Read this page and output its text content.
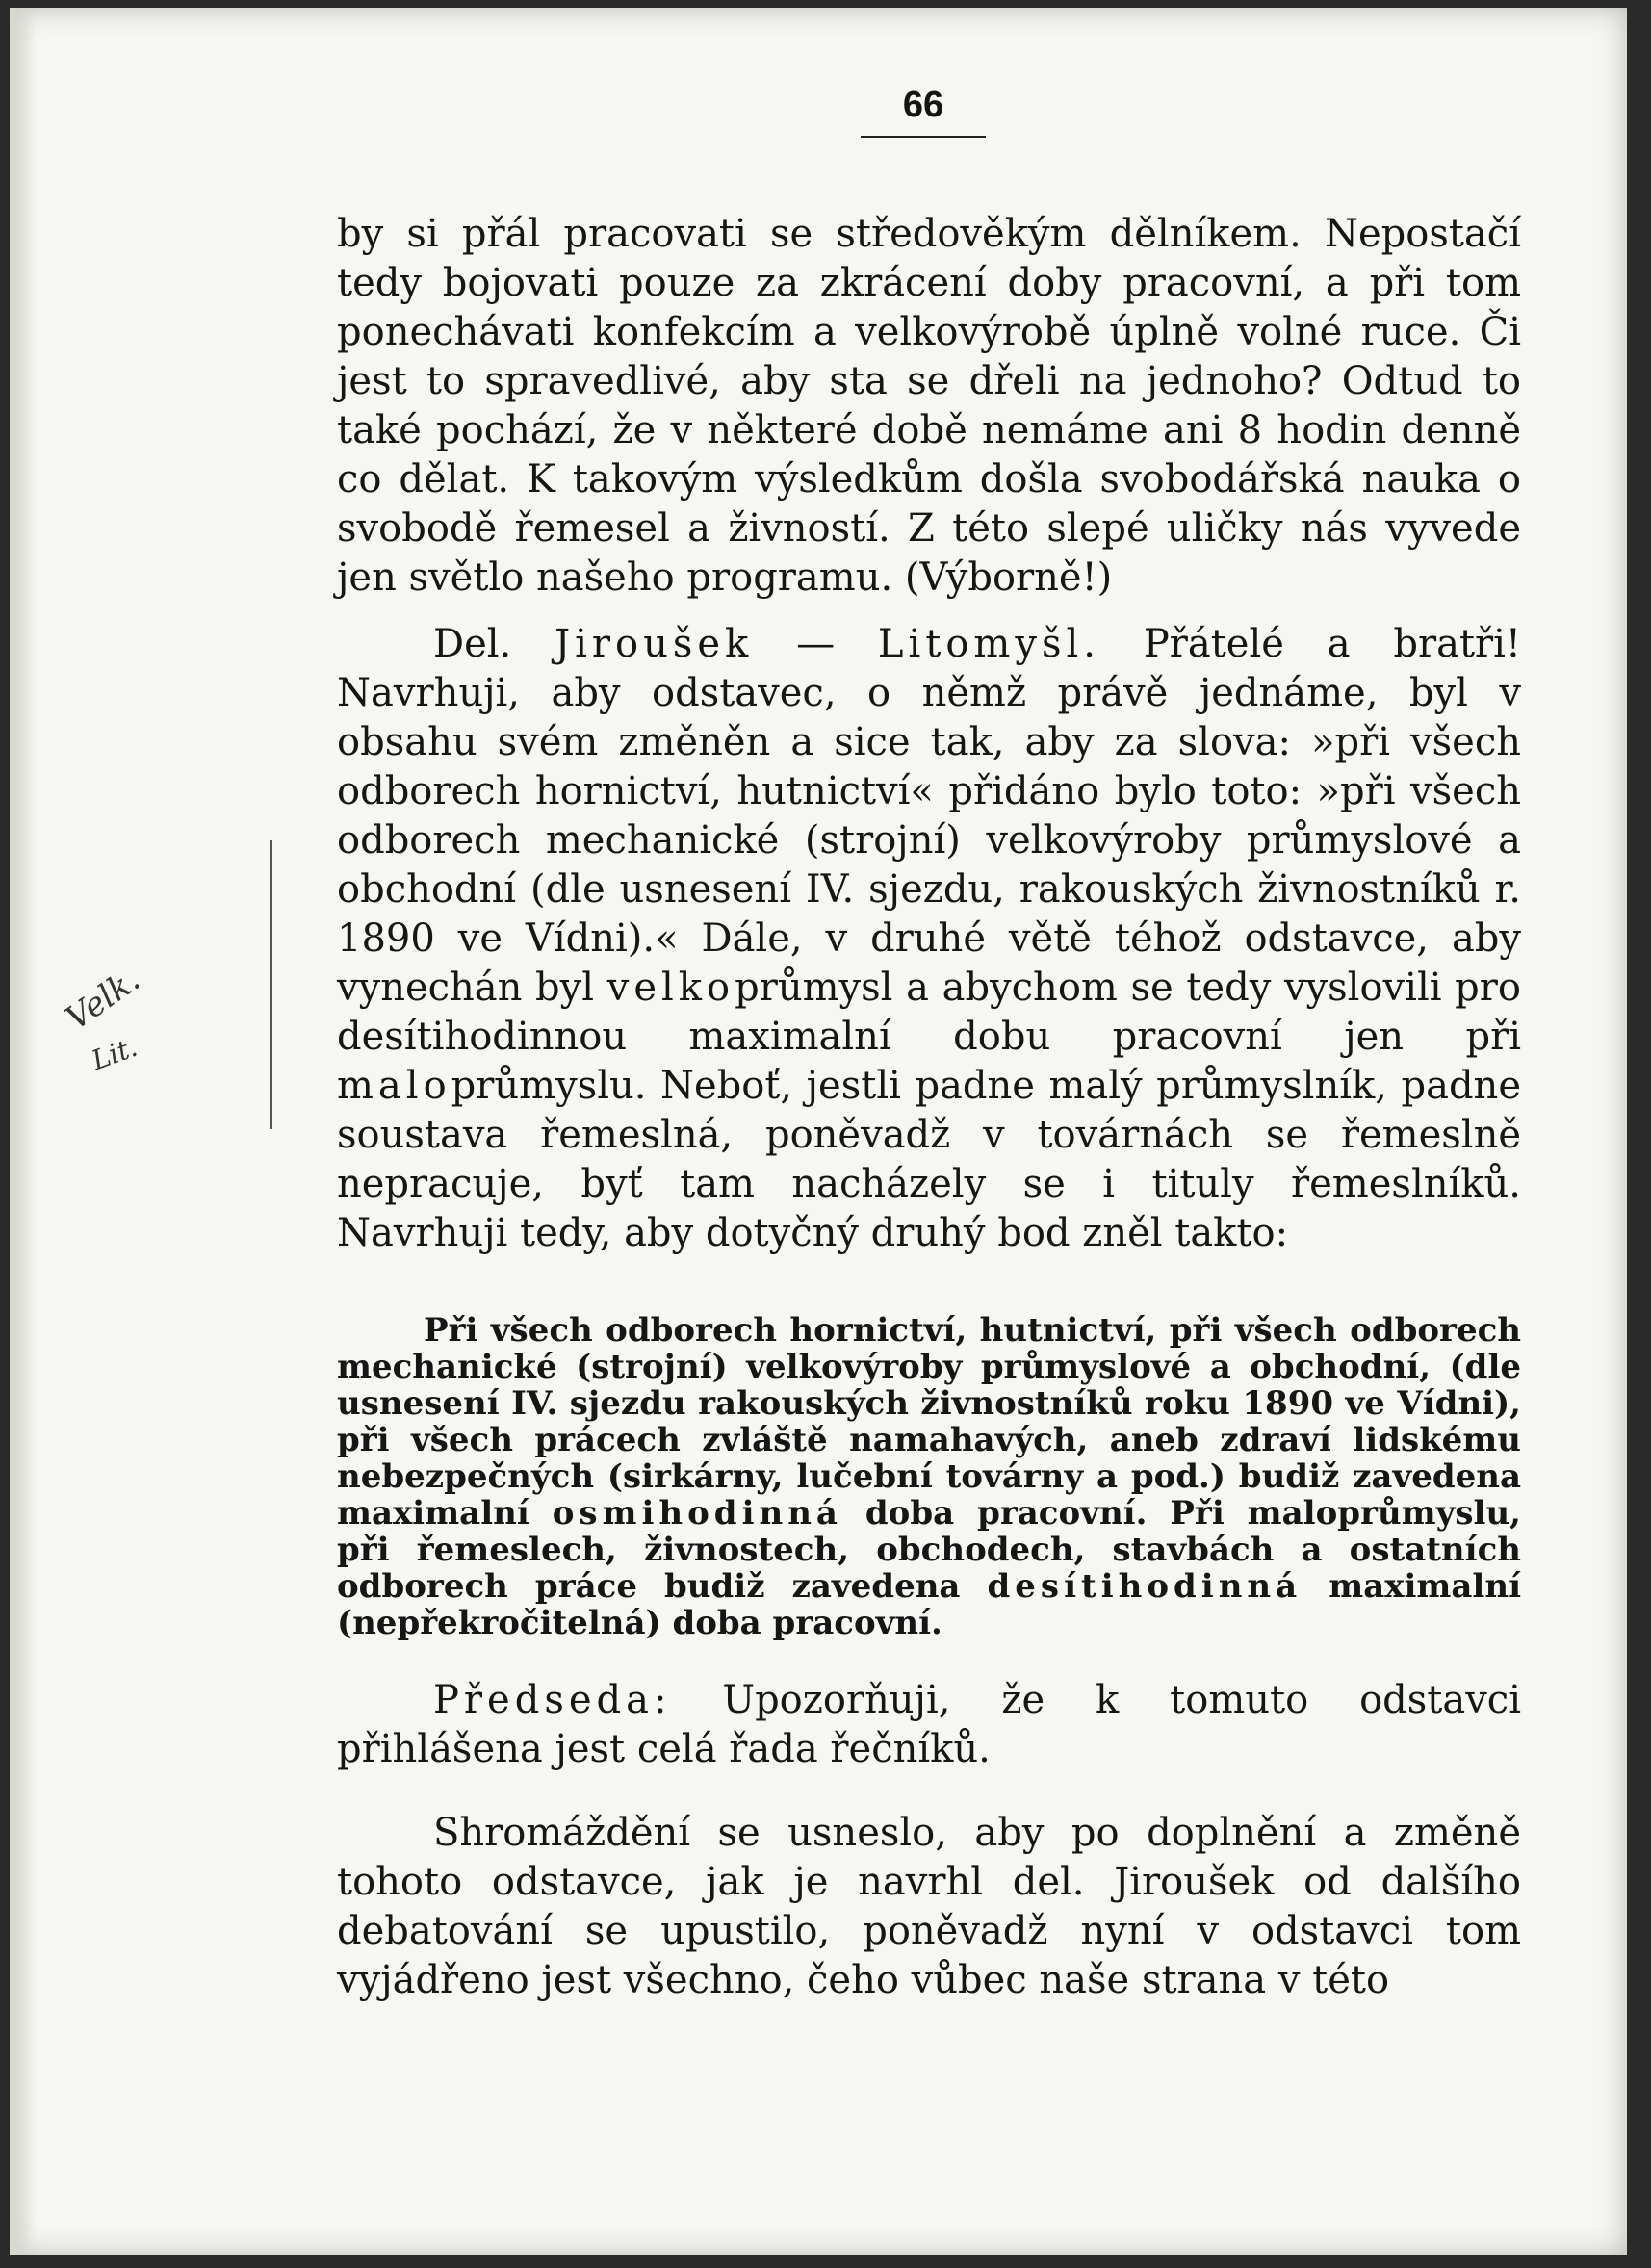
66
Velk.
Lit.

by si přál pracovati se středověkým dělníkem. Nepostačí tedy bojovati pouze za zkrácení doby pracovní, a při tom ponechávati konfekcím a velkovýrobě úplně volné ruce. Či jest to spravedlivé, aby sta se dřeli na jednoho? Odtud to také pochází, že v některé době nemáme ani 8 hodin denně co dělat. K takovým výsledkům došla svobodářská nauka o svobodě řemesel a živností. Z této slepé uličky nás vyvede jen světlo našeho programu. (Výborně!)

Del. Jiroušek — Litomyšl. Přátelé a bratři! Navrhuji, aby odstavec, o němž právě jednáme, byl v obsahu svém změněn a sice tak, aby za slova: »při všech odborech hornictví, hutnictví« přidáno bylo toto: »při všech odborech mechanické (strojní) velkovýroby průmyslové a obchodní (dle usnesení IV. sjezdu, rakouských živnostníků r. 1890 ve Vídni).« Dále, v druhé větě téhož odstavce, aby vynechán byl velkoprůmysl a abychom se tedy vyslovili pro desítihodinnou maximalní dobu pracovní jen při maloprůmyslu. Neboť, jestli padne malý průmyslník, padne soustava řemeslná, poněvadž v továrnách se řemeslně nepracuje, byť tam nacházely se i tituly řemeslníků. Navrhuji tedy, aby dotyčný druhý bod zněl takto:

Při všech odborech hornictví, hutnictví, při všech odborech mechanické (strojní) velkovýroby průmyslové a obchodní, (dle usnesení IV. sjezdu rakouských živnostníků roku 1890 ve Vídni), při všech prácech zvláště namahavých, aneb zdraví lidskému nebezpečných (sirkárny, lučební továrny a pod.) budiž zavedena maximalní osmihodinná doba pracovní. Při maloprůmyslu, při řemeslech, živnostech, obchodech, stavbách a ostatních odborech práce budiž zavedena desítihodinná maximalní (nepřekročitelná) doba pracovní.

Předseda: Upozorňuji, že k tomuto odstavci přihlášena jest celá řada řečníků.

Shromáždění se usneslo, aby po doplnění a změně tohoto odstavce, jak je navrhl del. Jiroušek od dalšího debatování se upustilo, poněvadž nyní v odstavci tom vyjádřeno jest všechno, čeho vůbec naše strana v této
